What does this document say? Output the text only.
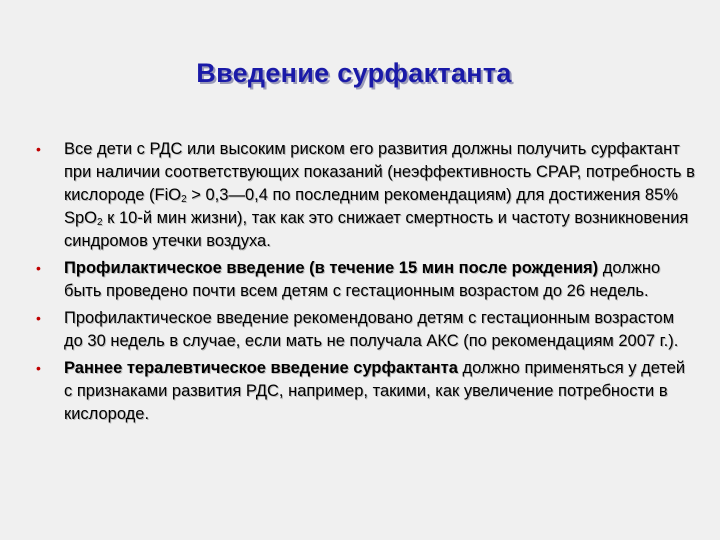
Введение сурфактанта
•
Все дети с РДС или высоким риском его развития должны получить сурфактант при наличии соответствующих показаний (неэффективность СРАР, потребность в кислороде (FiO$_2$ > 0,3—0,4 по последним рекомендациям) для достижения 85% SpO$_2$ к 10-й мин жизни), так как это снижает смертность и частоту возникновения синдромов утечки воздуха.
•
Профилактическое введение (в течение 15 мин после рождения) должно быть проведено почти всем детям с гестационным возрастом до 26 недель.
•
Профилактическое введение рекомендовано детям с гестационным возрастом до 30 недель в случае, если мать не получала АКС (по рекомендациям 2007 г.).
•
Раннее тералевтическое введение сурфактанта должно применяться у детей с признаками развития РДС, например, такими, как увеличение потребности в кислороде.
